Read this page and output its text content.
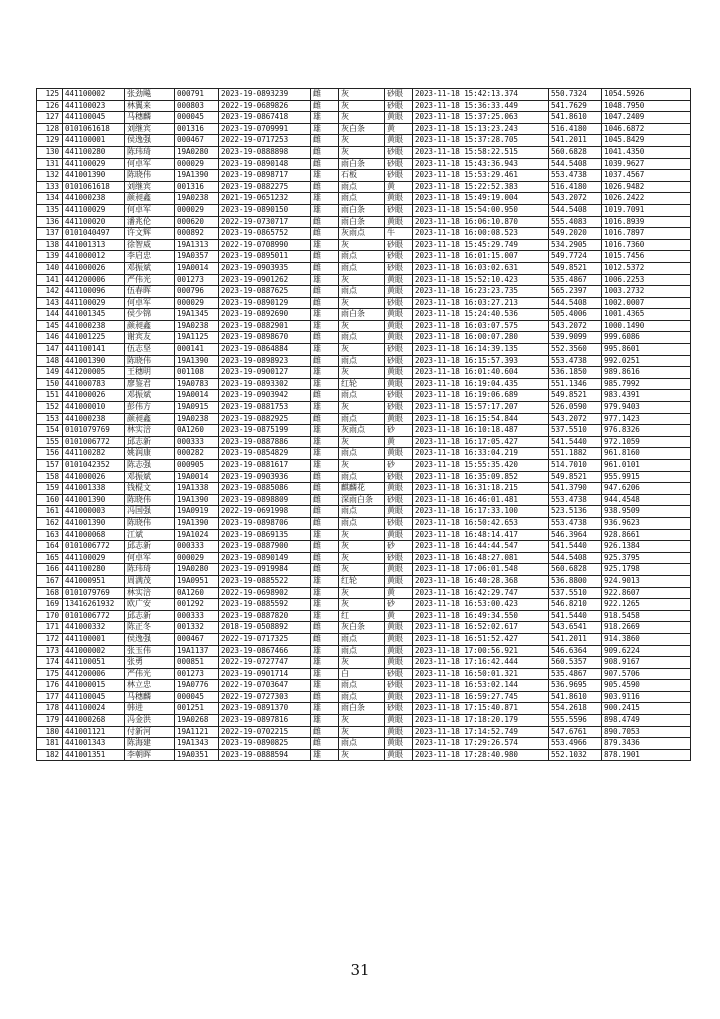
125	441100002	张劲飚	000791	2023-19-0893239	雌	灰	砂眼	2023-11-18 15:42:13.374	550.7324	1054.5926
126	441100023	林翼来	000803	2022-19-0689826	雌	灰	砂眼	2023-11-18 15:36:33.449	541.7629	1048.7950
127	441100045	马穗麟	000045	2023-19-0867418	雄	灰	黄眼	2023-11-18 15:37:25.063	541.8610	1047.2409
128	0101061618	刘继宾	001316	2023-19-0709991	雄	灰白条	黄	2023-11-18 15:13:23.243	516.4180	1046.6872
129	441100001	侯逸强	000467	2022-19-0717253	雌	灰	黄眼	2023-11-18 15:37:28.705	541.2011	1045.8429
130	441100280	陈玮琦	19A0280	2023-19-0888898	雌	灰	砂眼	2023-11-18 15:58:22.515	560.6828	1041.4350
131	441100029	何卓军	000029	2023-19-0890148	雌	雨白条	砂眼	2023-11-18 15:43:36.943	544.5408	1039.9627
132	441001390	陈晓伟	19A1390	2023-19-0898717	雄	石板	砂眼	2023-11-18 15:53:29.461	553.4738	1037.4567
133	0101061618	刘继宾	001316	2023-19-0882275	雌	雨点	黄	2023-11-18 15:22:52.383	516.4180	1026.9482
134	441000238	颜昶鑫	19A0238	2021-19-0651232	雄	雨点	黄眼	2023-11-18 15:49:19.004	543.2072	1026.2422
135	441100029	何卓军	000029	2023-19-0890150	雄	雨白条	砂眼	2023-11-18 15:54:00.950	544.5408	1019.7091
136	441100020	潘兆伦	000620	2022-19-0730717	雌	雨白条	黄眼	2023-11-18 16:06:10.870	555.4083	1016.8939
137	0101040497	许文辉	000892	2023-19-0865752	雌	灰雨点	牛	2023-11-18 16:00:08.523	549.2020	1016.7897
138	441001313	徐智威	19A1313	2022-19-0708990	雄	灰	砂眼	2023-11-18 15:45:29.749	534.2905	1016.7360
139	441000012	李启忠	19A0357	2023-19-0895011	雌	雨点	砂眼	2023-11-18 16:01:15.007	549.7724	1015.7456
140	441000026	邓振斌	19A0014	2023-19-0903935	雌	雨点	砂眼	2023-11-18 16:03:02.631	549.8521	1012.5372
141	441200006	严伟光	001273	2023-19-0901262	雄	灰	黄眼	2023-11-18 15:52:10.423	535.4867	1006.2253
142	441100096	伍春晖	000796	2023-19-0887625	雌	雨点	黄眼	2023-11-18 16:23:23.735	565.2397	1003.2732
143	441100029	何卓军	000029	2023-19-0890129	雌	灰	砂眼	2023-11-18 16:03:27.213	544.5408	1002.0007
144	441001345	侯少锦	19A1345	2023-19-0892690	雄	雨白条	黄眼	2023-11-18 15:24:40.536	505.4006	1001.4365
145	441000238	颜昶鑫	19A0238	2023-19-0882901	雄	灰	黄眼	2023-11-18 16:03:07.575	543.2072	1000.1490
146	441001225	谢宾友	19A1125	2023-19-0898670	雌	雨点	黄眼	2023-11-18 16:00:07.280	539.9099	999.6086
147	441100141	伍志坚	000141	2023-19-0864884	雄	灰	砂眼	2023-11-18 16:14:39.135	552.3560	995.8601
148	441001390	陈晓伟	19A1390	2023-19-0898923	雌	雨点	砂眼	2023-11-18 16:15:57.393	553.4738	992.0251
149	441200005	王穗明	001108	2023-19-0900127	雄	灰	黄眼	2023-11-18 16:01:40.604	536.1850	989.8616
150	441000783	廖鉴君	19A0783	2023-19-0893302	雄	红轮	黄眼	2023-11-18 16:19:04.435	551.1346	985.7992
151	441000026	邓振斌	19A0014	2023-19-0903942	雌	雨点	砂眼	2023-11-18 16:19:06.689	549.8521	983.4391
152	441000010	彭伟方	19A0915	2023-19-0881753	雄	灰	砂眼	2023-11-18 15:57:17.207	526.0590	979.9403
153	441000238	颜昶鑫	19A0238	2023-19-0882925	雌	雨点	黄眼	2023-11-18 16:15:54.844	543.2072	977.1423
154	0101079769	林实涪	0A1260	2023-19-0875199	雄	灰雨点	砂	2023-11-18 16:10:18.487	537.5510	976.8326
155	0101006772	邱志新	000333	2023-19-0887886	雄	灰	黄	2023-11-18 16:17:05.427	541.5440	972.1059
156	441100282	姚润康	000282	2023-19-0854829	雄	雨点	黄眼	2023-11-18 16:33:04.219	551.1882	961.8160
157	0101042352	陈志强	000905	2023-19-0881617	雄	灰	砂	2023-11-18 15:55:35.420	514.7010	961.0101
158	441000026	邓振斌	19A0014	2023-19-0903936	雌	雨点	砂眼	2023-11-18 16:35:09.852	549.8521	955.9915
159	441001338	钱棍文	19A1338	2023-19-0885086	雌	麒麟花	黄眼	2023-11-18 16:31:18.215	541.3790	947.6206
160	441001390	陈晓伟	19A1390	2023-19-0898809	雌	深雨白条	砂眼	2023-11-18 16:46:01.481	553.4738	944.4548
161	441000003	冯国强	19A0919	2022-19-0691998	雌	雨点	黄眼	2023-11-18 16:17:33.100	523.5136	938.9509
162	441001390	陈晓伟	19A1390	2023-19-0898706	雌	雨点	砂眼	2023-11-18 16:50:42.653	553.4738	936.9623
163	441000068	江斌	19A1024	2023-19-0869135	雄	灰	黄眼	2023-11-18 16:48:14.417	546.3964	928.8661
164	0101006772	邱志新	000333	2023-19-0887900	雌	灰	砂	2023-11-18 16:44:44.547	541.5440	926.1384
165	441100029	何卓军	000029	2023-19-0890149	雌	灰	砂眼	2023-11-18 16:48:27.081	544.5408	925.3795
166	441100280	陈玮琦	19A0280	2023-19-0919984	雌	灰	黄眼	2023-11-18 17:06:01.548	560.6828	925.1798
167	441000951	周满茂	19A0951	2023-19-0885522	雄	红轮	黄眼	2023-11-18 16:40:28.368	536.8800	924.9013
168	0101079769	林实涪	0A1260	2022-19-0698902	雄	灰	黄	2023-11-18 16:42:29.747	537.5510	922.8607
169	13416261932	欧广安	001292	2023-19-0885592	雄	灰	砂	2023-11-18 16:53:00.423	546.8210	922.1265
170	0101006772	邱志新	000333	2023-19-0887820	雄	红	黄	2023-11-18 16:49:34.550	541.5440	918.5458
171	441000332	陈正冬	001332	2018-19-0508892	雌	灰白条	黄眼	2023-11-18 16:52:02.617	543.6541	918.2669
172	441100001	侯逸强	000467	2022-19-0717325	雌	雨点	黄眼	2023-11-18 16:51:52.427	541.2011	914.3860
173	441000002	张玉伟	19A1137	2023-19-0867466	雄	雨点	黄眼	2023-11-18 17:00:56.921	546.6364	909.6224
174	441100051	张勇	000851	2022-19-0727747	雄	灰	黄眼	2023-11-18 17:16:42.444	560.5357	908.9167
175	441200006	严伟光	001273	2023-19-0901714	雄	白	砂眼	2023-11-18 16:50:01.321	535.4867	907.5706
176	441000015	林立忠	19A0776	2022-19-0703647	雄	雨点	砂眼	2023-11-18 16:53:02.144	536.9695	905.4590
177	441100045	马穗麟	000045	2022-19-0727303	雌	雨点	黄眼	2023-11-18 16:59:27.745	541.8610	903.9116
178	441100024	韩进	001251	2023-19-0891370	雄	雨白条	砂眼	2023-11-18 17:15:40.871	554.2618	900.2415
179	441000268	冯金洪	19A0268	2023-19-0897816	雄	灰	黄眼	2023-11-18 17:18:20.179	555.5596	898.4749
180	441001121	付新河	19A1121	2022-19-0702215	雌	灰	黄眼	2023-11-18 17:14:52.749	547.6761	890.7053
181	441001343	陈海建	19A1343	2023-19-0890825	雌	雨点	黄眼	2023-11-18 17:29:26.574	553.4966	879.3436
182	441001351	李朝晖	19A0351	2023-19-0888594	雄	灰	黄眼	2023-11-18 17:28:40.980	552.1032	878.1901
31
